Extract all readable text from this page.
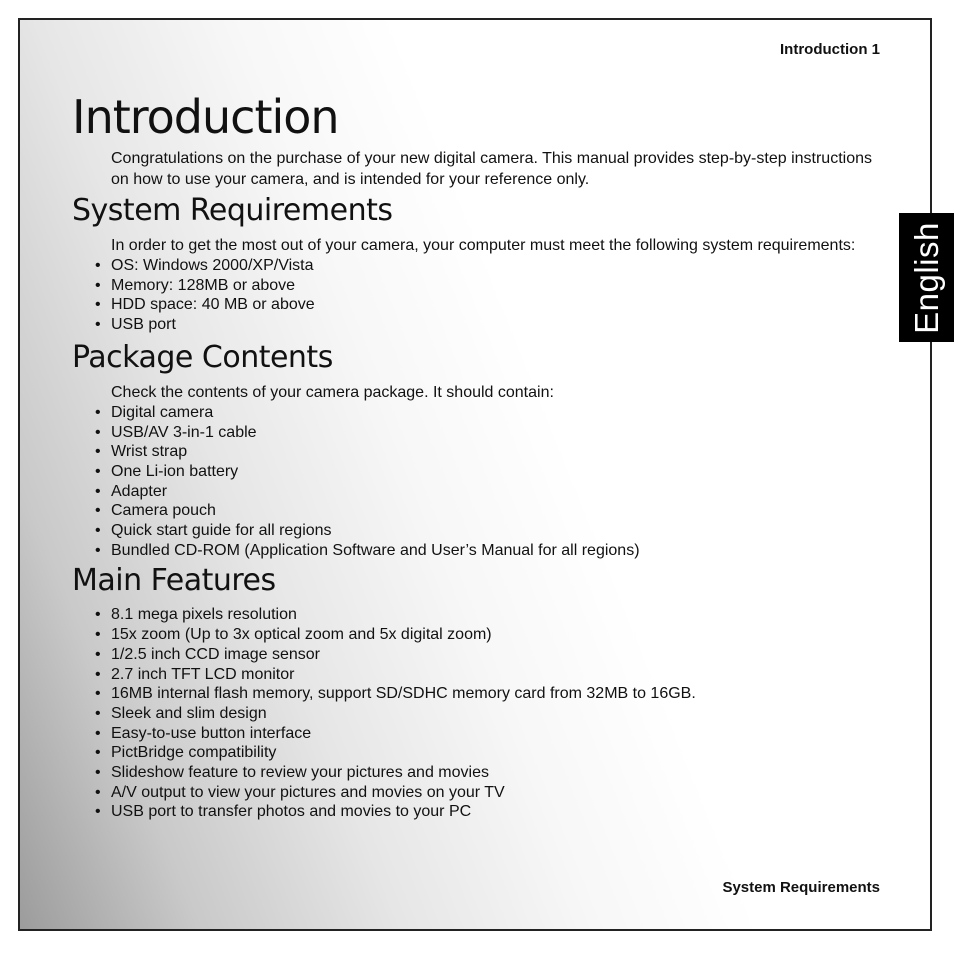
Introduction 1
Introduction

Congratulations on the purchase of your new digital camera. This manual provides step-by-step instructions on how to use your camera, and is intended for your reference only.

System Requirements

In order to get the most out of your camera, your computer must meet the following system requirements:

• OS: Windows 2000/XP/Vista
• Memory: 128MB or above
• HDD space: 40 MB or above
• USB port
Package Contents

Check the contents of your camera package. It should contain:

• Digital camera
• USB/AV 3-in-1 cable
• Wrist strap
• One Li-ion battery
• Adapter
• Camera pouch
• Quick start guide for all regions
• Bundled CD-ROM (Application Software and User’s Manual for all regions)
Main Features
• 8.1 mega pixels resolution
• 15x zoom (Up to 3x optical zoom and 5x digital zoom)
• 1/2.5 inch CCD image sensor
• 2.7 inch TFT LCD monitor
• 16MB internal flash memory, support SD/SDHC memory card from 32MB to 16GB.
• Sleek and slim design
• Easy-to-use button interface
• PictBridge compatibility
• Slideshow feature to review your pictures and movies
• A/V output to view your pictures and movies on your TV
• USB port to transfer photos and movies to your PC
System Requirements
English
